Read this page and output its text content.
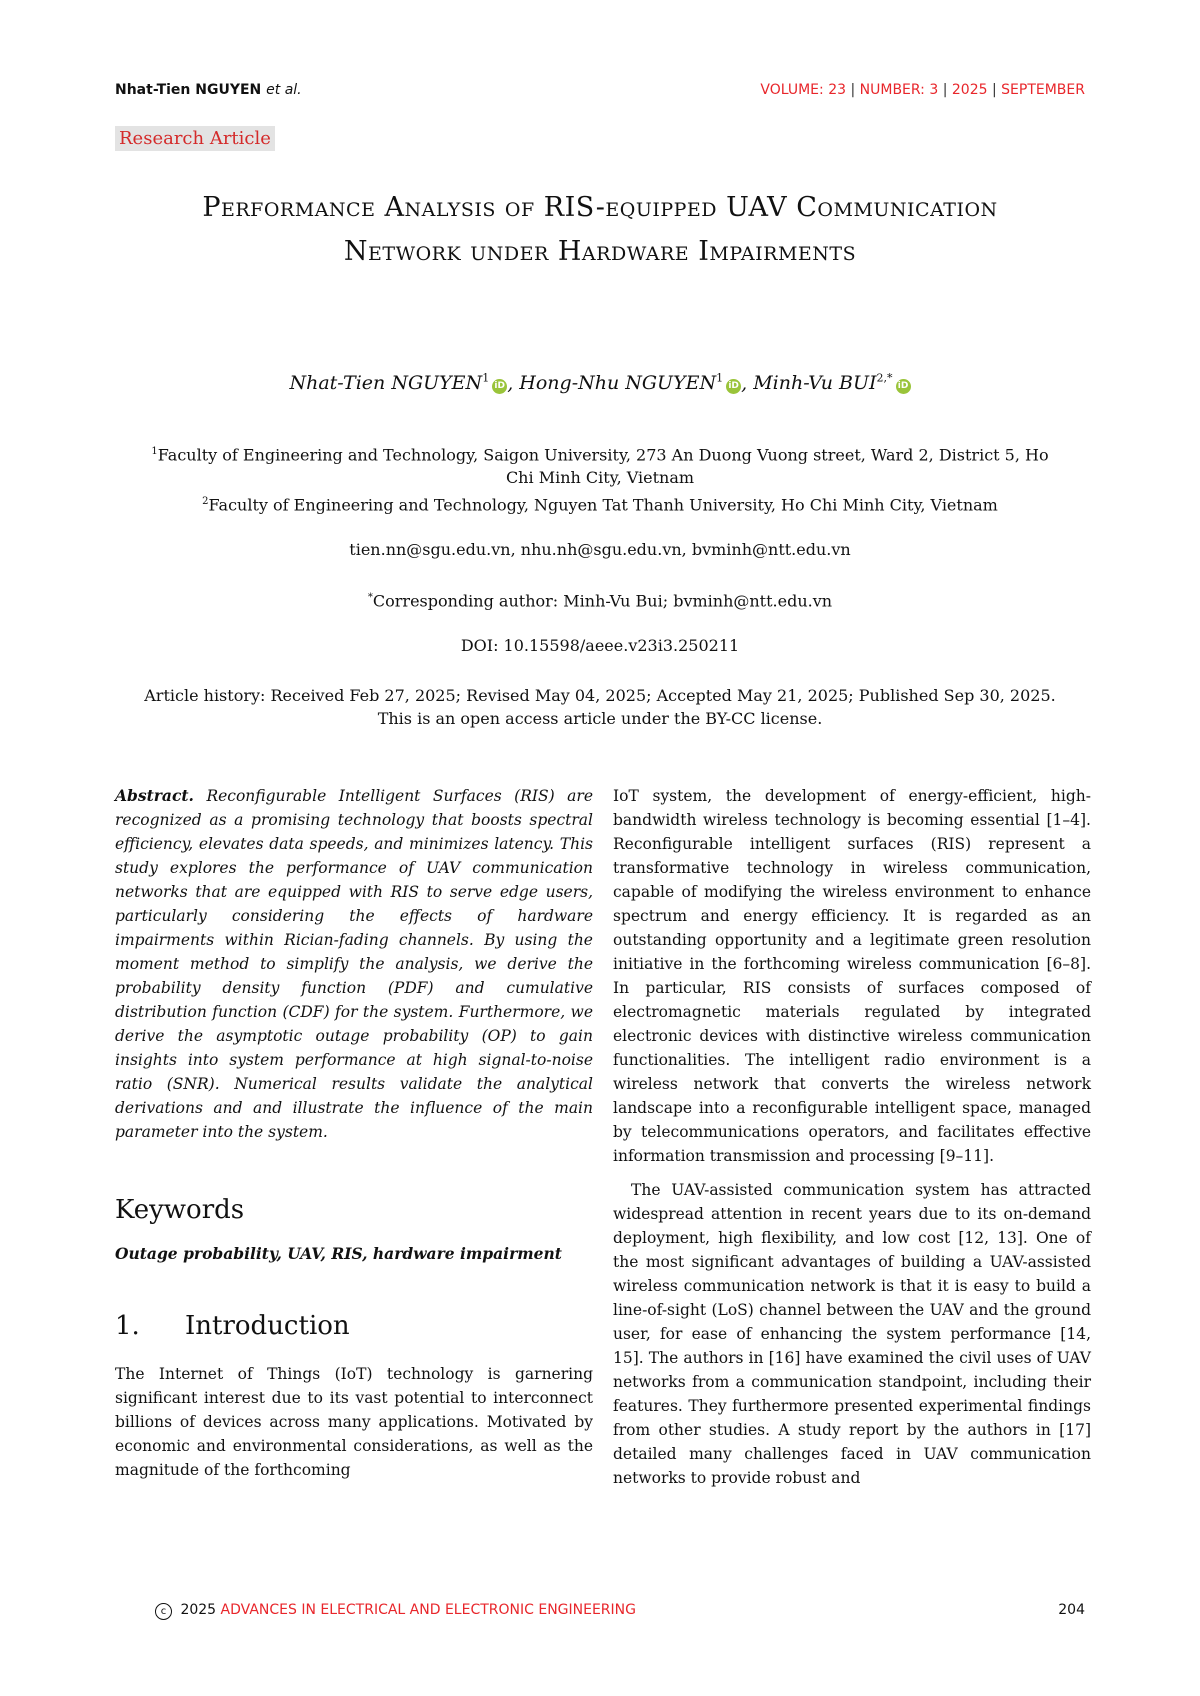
Nhat-Tien NGUYEN et al.	VOLUME: 23 | NUMBER: 3 | 2025 | SEPTEMBER
Research Article
Performance Analysis of RIS-equipped UAV Communication Network under Hardware Impairments
Nhat-Tien NGUYEN$^1$iD , Hong-Nhu NGUYEN$^1$iD , Minh-Vu $BUI^{2,*}iD$
$^1$Faculty of Engineering and Technology, Saigon University, 273 An Duong Vuong street, Ward 2, District 5, Ho Chi Minh City, Vietnam
$^2$Faculty of Engineering and Technology, Nguyen Tat Thanh University, Ho Chi Minh City, Vietnam
tien.nn@sgu.edu.vn, nhu.nh@sgu.edu.vn, bvminh@ntt.edu.vn
*Corresponding author: Minh-Vu Bui; bvminh@ntt.edu.vn
DOI: 10.15598/aeee.v23i3.250211
Article history: Received Feb 27, 2025; Revised May 04, 2025; Accepted May 21, 2025; Published Sep 30, 2025.
This is an open access article under the BY-CC license.

Abstract. Reconfigurable Intelligent Surfaces (RIS) are recognized as a promising technology that boosts spectral efficiency, elevates data speeds, and minimizes latency. This study explores the performance of UAV communication networks that are equipped with RIS to serve edge users, particularly considering the effects of hardware impairments within Rician-fading channels. By using the moment method to simplify the analysis, we derive the probability density function (PDF) and cumulative distribution function (CDF) for the system. Furthermore, we derive the asymptotic outage probability (OP) to gain insights into system performance at high signal-to-noise ratio (SNR). Numerical results validate the analytical derivations and and illustrate the influence of the main parameter into the system.

Keywords

Outage probability, UAV, RIS, hardware impairment

1. Introduction

The Internet of Things (IoT) technology is garnering significant interest due to its vast potential to interconnect billions of devices across many applications. Motivated by economic and environmental considerations, as well as the magnitude of the forthcoming

IoT system, the development of energy-efficient, high-bandwidth wireless technology is becoming essential [1–4]. Reconfigurable intelligent surfaces (RIS) represent a transformative technology in wireless communication, capable of modifying the wireless environment to enhance spectrum and energy efficiency. It is regarded as an outstanding opportunity and a legitimate green resolution initiative in the forthcoming wireless communication [6–8]. In particular, RIS consists of surfaces composed of electromagnetic materials regulated by integrated electronic devices with distinctive wireless communication functionalities. The intelligent radio environment is a wireless network that converts the wireless network landscape into a reconfigurable intelligent space, managed by telecommunications operators, and facilitates effective information transmission and processing [9–11].

The UAV-assisted communication system has attracted widespread attention in recent years due to its on-demand deployment, high flexibility, and low cost [12, 13]. One of the most significant advantages of building a UAV-assisted wireless communication network is that it is easy to build a line-of-sight (LoS) channel between the UAV and the ground user, for ease of enhancing the system performance [14, 15]. The authors in [16] have examined the civil uses of UAV networks from a communication standpoint, including their features. They furthermore presented experimental findings from other studies. A study report by the authors in [17] detailed many challenges faced in UAV communication networks to provide robust and

c 2025 ADVANCES IN ELECTRICAL AND ELECTRONIC ENGINEERING	204
